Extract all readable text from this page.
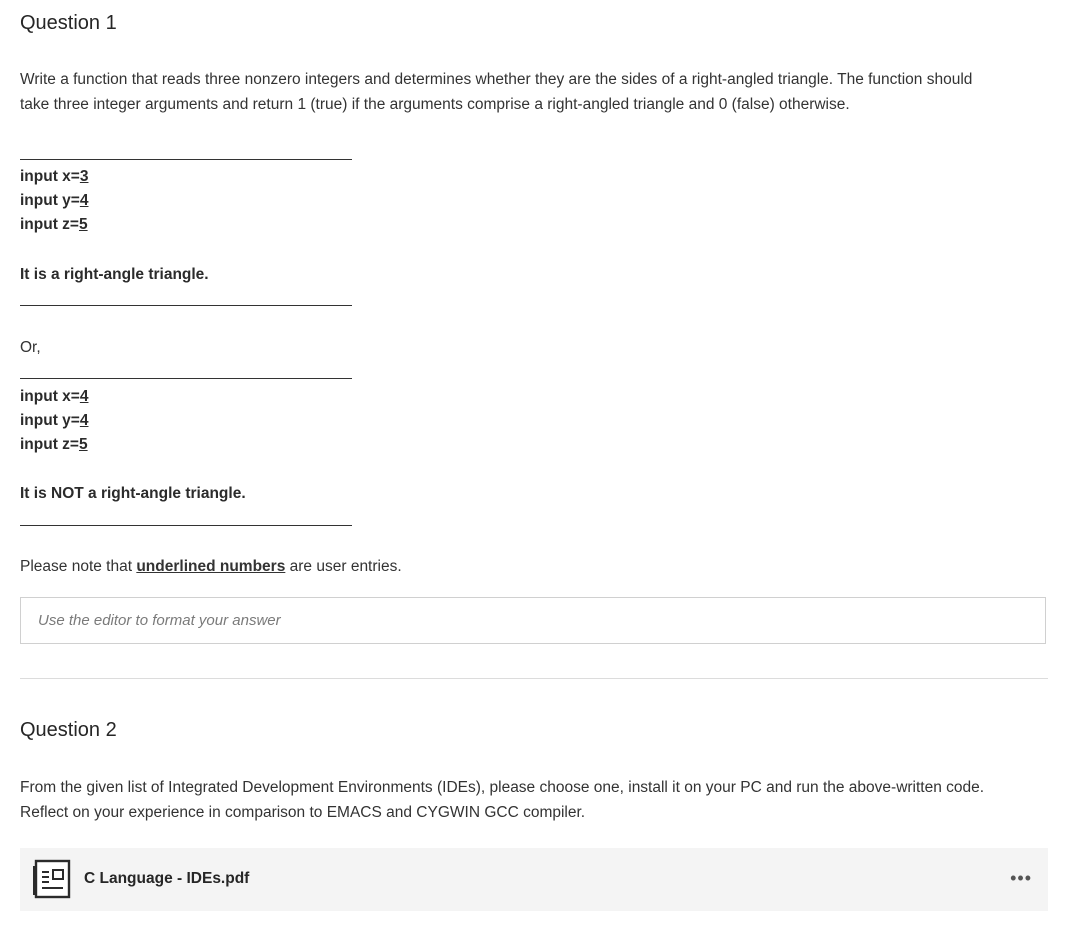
Question 1
Write a function that reads three nonzero integers and determines whether they are the sides of a right-angled triangle. The function should
take three integer arguments and return 1 (true) if the arguments comprise a right-angled triangle and 0 (false) otherwise.
input x=3
input y=4
input z=5
It is a right-angle triangle.
Or,
input x=4
input y=4
input z=5
It is NOT a right-angle triangle.
Please note that underlined numbers are user entries.
Use the editor to format your answer
Question 2
From the given list of Integrated Development Environments (IDEs), please choose one, install it on your PC and run the above-written code.
Reflect on your experience in comparison to EMACS and CYGWIN GCC compiler.
C Language - IDEs.pdf	•••
